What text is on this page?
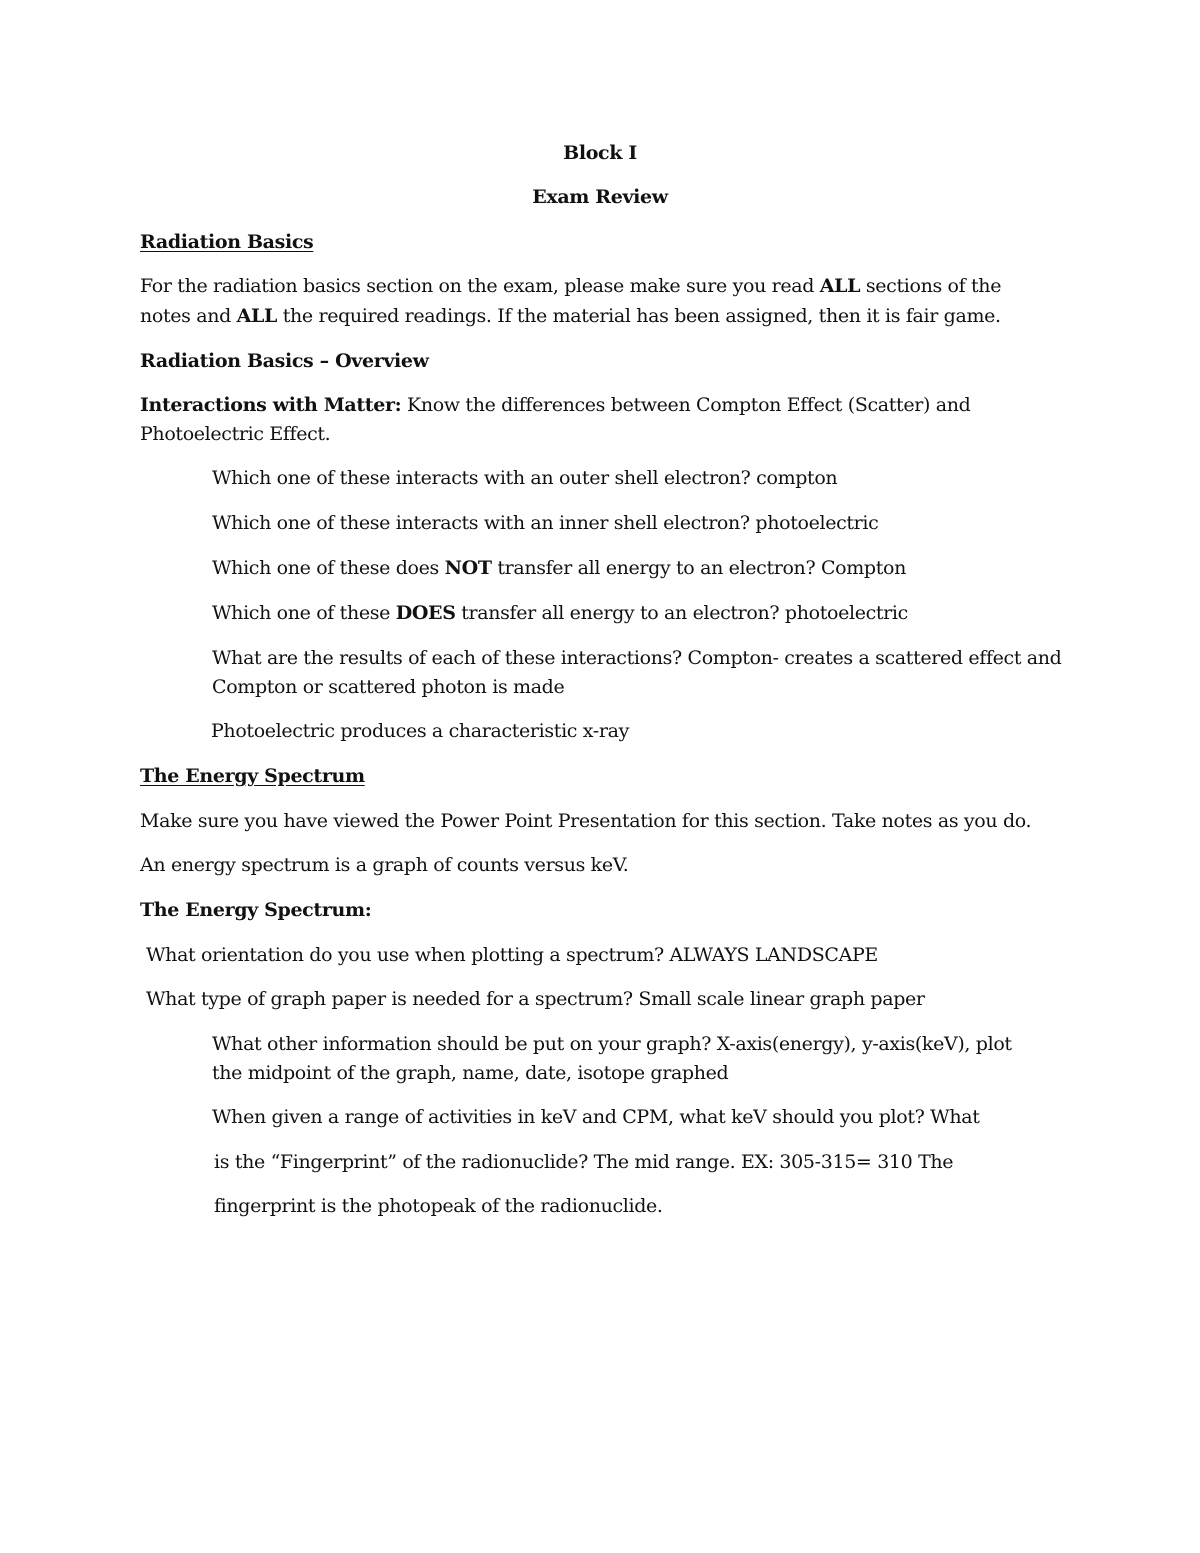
Block I
Exam Review
Radiation Basics
For the radiation basics section on the exam, please make sure you read ALL sections of the
notes and ALL the required readings. If the material has been assigned, then it is fair game.
Radiation Basics – Overview
Interactions with Matter: Know the differences between Compton Effect (Scatter) and
Photoelectric Effect.
Which one of these interacts with an outer shell electron? compton
Which one of these interacts with an inner shell electron? photoelectric
Which one of these does NOT transfer all energy to an electron? Compton
Which one of these DOES transfer all energy to an electron? photoelectric
What are the results of each of these interactions? Compton- creates a scattered effect and
Compton or scattered photon is made
Photoelectric produces a characteristic x-ray
The Energy Spectrum
Make sure you have viewed the Power Point Presentation for this section. Take notes as you do.
An energy spectrum is a graph of counts versus keV.
The Energy Spectrum:
What orientation do you use when plotting a spectrum? ALWAYS LANDSCAPE
What type of graph paper is needed for a spectrum? Small scale linear graph paper
What other information should be put on your graph? X-axis(energy), y-axis(keV), plot
the midpoint of the graph, name, date, isotope graphed
When given a range of activities in keV and CPM, what keV should you plot? What
is the “Fingerprint” of the radionuclide? The mid range. EX: 305-315= 310 The
fingerprint is the photopeak of the radionuclide.
